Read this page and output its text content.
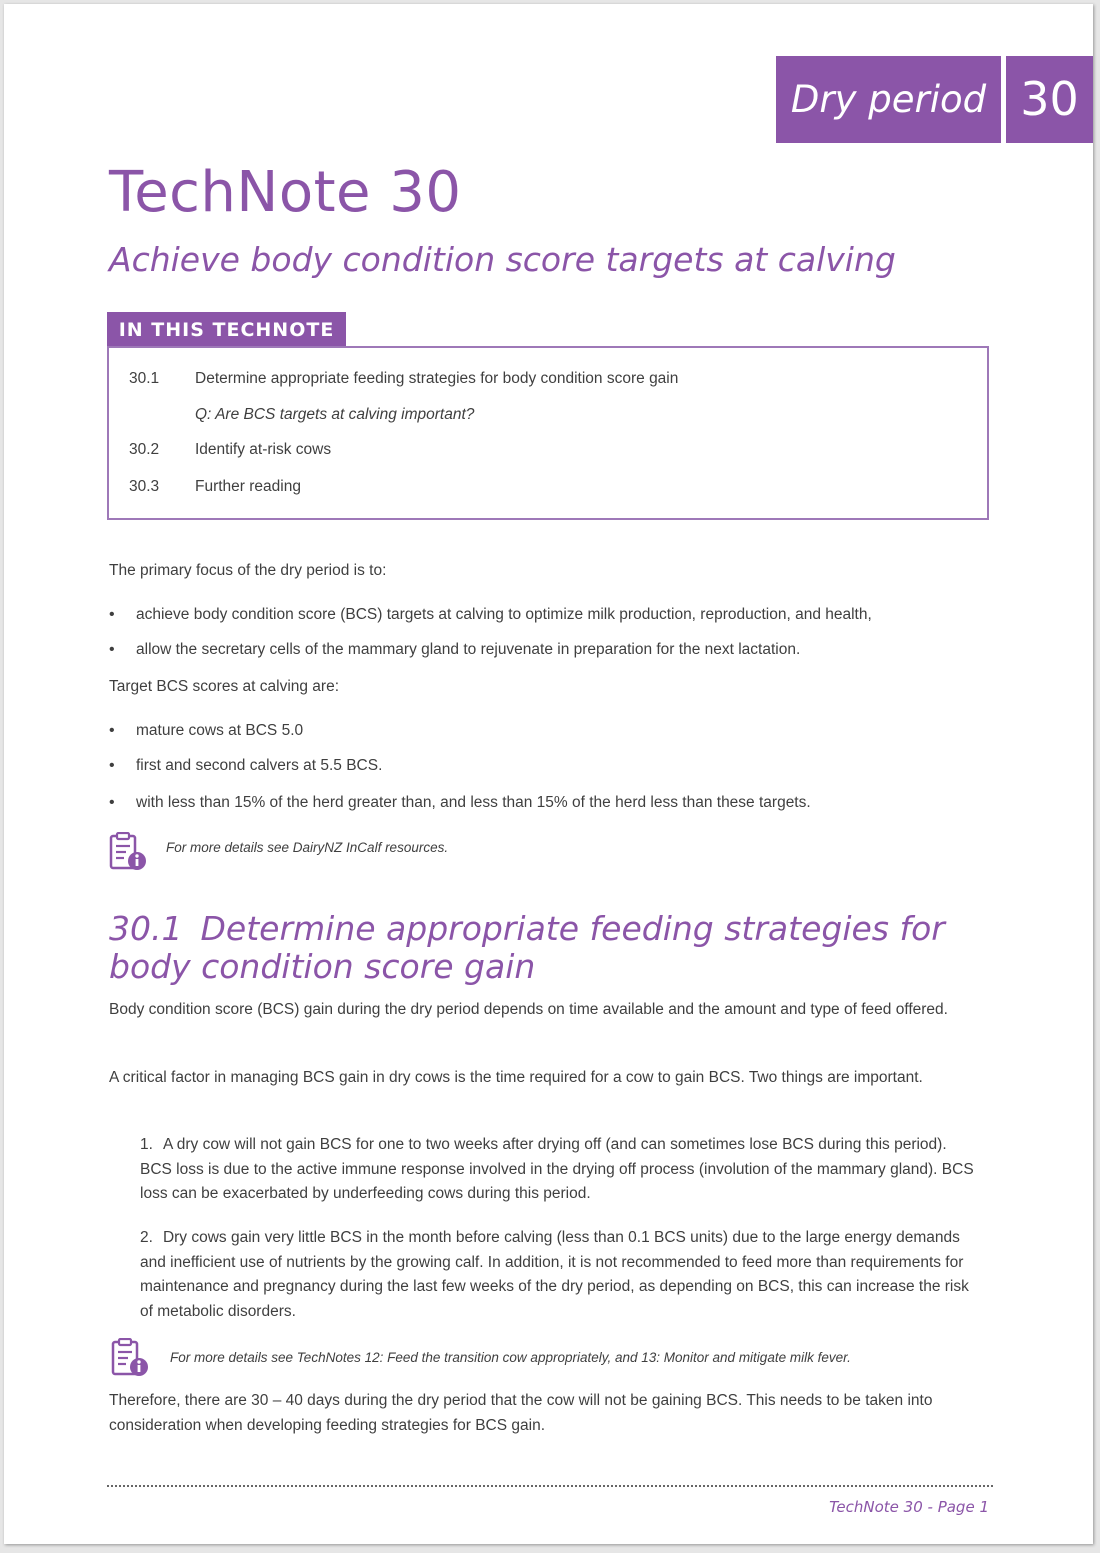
Dry period 30
TechNote 30
Achieve body condition score targets at calving
IN THIS TECHNOTE
30.1 Determine appropriate feeding strategies for body condition score gain
Q: Are BCS targets at calving important?
30.2 Identify at-risk cows
30.3 Further reading

The primary focus of the dry period is to:

• achieve body condition score (BCS) targets at calving to optimize milk production, reproduction, and health,
• allow the secretary cells of the mammary gland to rejuvenate in preparation for the next lactation.

Target BCS scores at calving are:

• mature cows at BCS 5.0
• first and second calvers at 5.5 BCS.
• with less than 15% of the herd greater than, and less than 15% of the herd less than these targets.
For more details see DairyNZ InCalf resources.
30.1 Determine appropriate feeding strategies for body condition score gain

Body condition score (BCS) gain during the dry period depends on time available and the amount and type of feed offered.

A critical factor in managing BCS gain in dry cows is the time required for a cow to gain BCS. Two things are important.

1. A dry cow will not gain BCS for one to two weeks after drying off (and can sometimes lose BCS during this period). BCS loss is due to the active immune response involved in the drying off process (involution of the mammary gland). BCS loss can be exacerbated by underfeeding cows during this period.

2. Dry cows gain very little BCS in the month before calving (less than 0.1 BCS units) due to the large energy demands and inefficient use of nutrients by the growing calf. In addition, it is not recommended to feed more than requirements for maintenance and pregnancy during the last few weeks of the dry period, as depending on BCS, this can increase the risk of metabolic disorders.

For more details see TechNotes 12: Feed the transition cow appropriately, and 13: Monitor and mitigate milk fever.

Therefore, there are 30 – 40 days during the dry period that the cow will not be gaining BCS. This needs to be taken into consideration when developing feeding strategies for BCS gain.

TechNote 30 - Page 1
